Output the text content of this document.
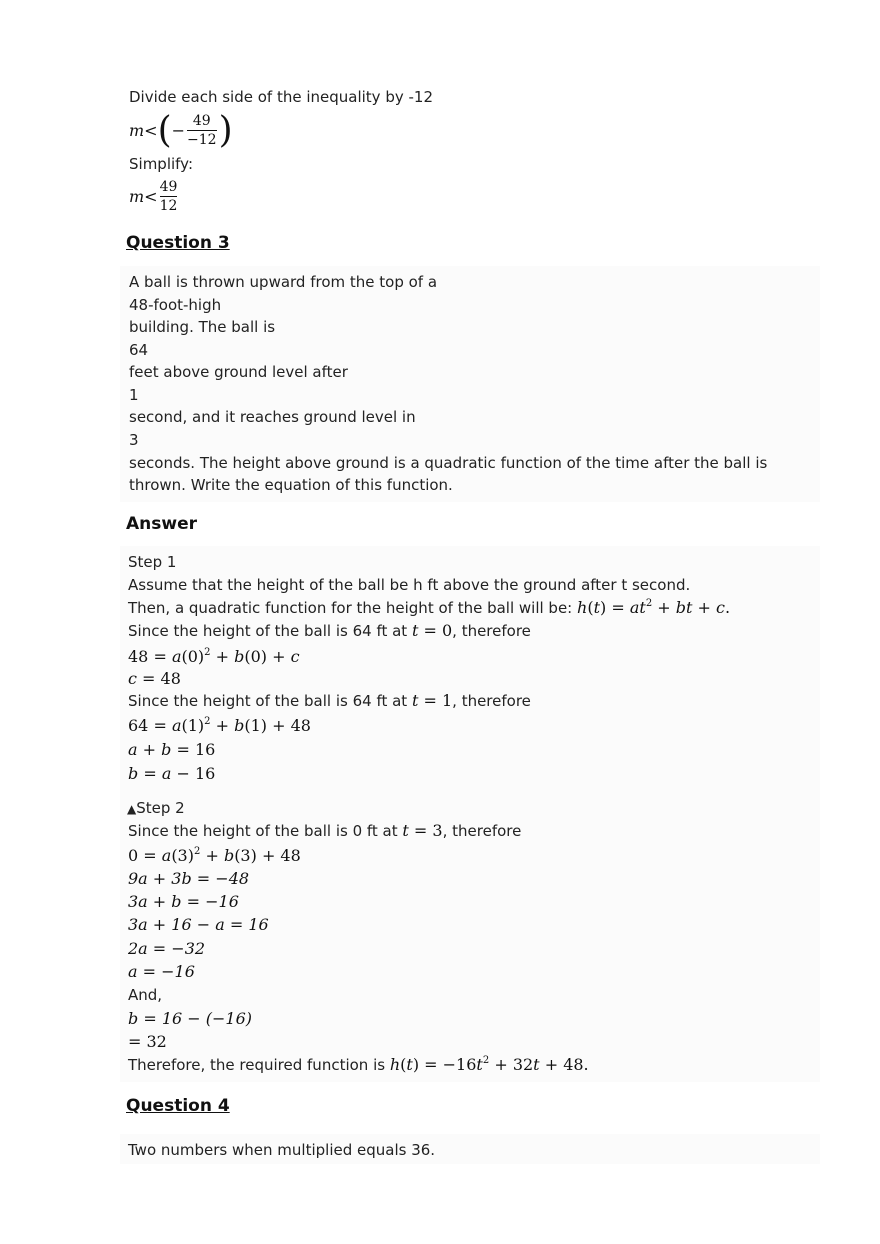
Divide each side of the inequality by -12
m < ( − $\frac{49}{-12}$ )
Simplify:
$m < \frac{49}{12}$
Question 3
A ball is thrown upward from the top of a
48-foot-high
building. The ball is
64
feet above ground level after
1
second, and it reaches ground level in
3
seconds. The height above ground is a quadratic function of the time after the ball is
thrown. Write the equation of this function.
Answer
Step 1
Assume that the height of the ball be h ft above the ground after t second.
Then, a quadratic function for the height of the ball will be: $h(t) = at^2$ + bt + c.
Since the height of the ball is 64 ft at t = 0, therefore
$48 = a(0)^2 + b(0) + c$
c = 48
Since the height of the ball is 64 ft at t = 1, therefore
$64 = a(1)^2 + b(1) + 48$
a + b = 16
b = a − 16
▲Step 2
Since the height of the ball is 0 ft at t = 3, therefore
$0 = a(3)^2 + b(3) + 48$
9a + 3b = −48
3a + b = −16
3a + 16 − a = 16
2a = −32
a = −16
And,
b = 16 − (−16)
= 32
Therefore, the required function is $h(t) = -16t^2 + 32t + 48$.
Question 4
Two numbers when multiplied equals 36.
